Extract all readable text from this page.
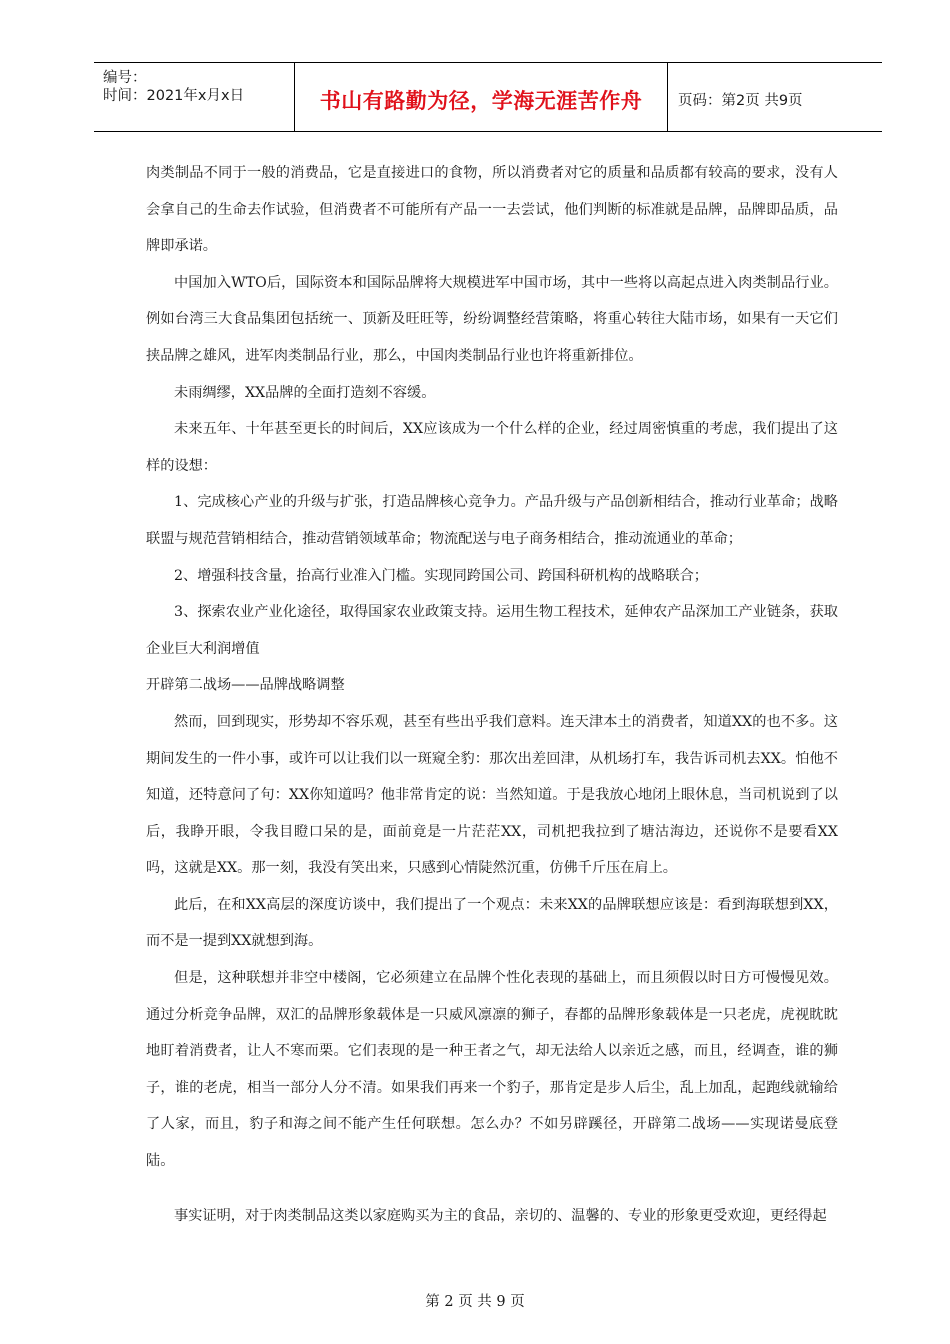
编号：
时间：2021年x月x日	书山有路勤为径，学海无涯苦作舟	页码：第2页 共9页

肉类制品不同于一般的消费品，它是直接进口的食物，所以消费者对它的质量和品质都有较高的要求，没有人会拿自己的生命去作试验，但消费者不可能所有产品一一去尝试，他们判断的标准就是品牌，品牌即品质，品牌即承诺。

中国加入WTO后，国际资本和国际品牌将大规模进军中国市场，其中一些将以高起点进入肉类制品行业。例如台湾三大食品集团包括统一、顶新及旺旺等，纷纷调整经营策略，将重心转往大陆市场，如果有一天它们挟品牌之雄风，进军肉类制品行业，那么，中国肉类制品行业也许将重新排位。

未雨绸缪，XX品牌的全面打造刻不容缓。

未来五年、十年甚至更长的时间后，XX应该成为一个什么样的企业，经过周密慎重的考虑，我们提出了这样的设想：

1、完成核心产业的升级与扩张，打造品牌核心竞争力。产品升级与产品创新相结合，推动行业革命；战略联盟与规范营销相结合，推动营销领域革命；物流配送与电子商务相结合，推动流通业的革命；

2、增强科技含量，抬高行业准入门槛。实现同跨国公司、跨国科研机构的战略联合；

3、探索农业产业化途径，取得国家农业政策支持。运用生物工程技术，延伸农产品深加工产业链条，获取企业巨大利润增值

开辟第二战场——品牌战略调整

然而，回到现实，形势却不容乐观，甚至有些出乎我们意料。连天津本土的消费者，知道XX的也不多。这期间发生的一件小事，或许可以让我们以一斑窥全豹：那次出差回津，从机场打车，我告诉司机去XX。怕他不知道，还特意问了句：XX你知道吗？他非常肯定的说：当然知道。于是我放心地闭上眼休息，当司机说到了以后，我睁开眼，令我目瞪口呆的是，面前竟是一片茫茫XX，司机把我拉到了塘沽海边，还说你不是要看XX吗，这就是XX。那一刻，我没有笑出来，只感到心情陡然沉重，仿佛千斤压在肩上。

此后，在和XX高层的深度访谈中，我们提出了一个观点：未来XX的品牌联想应该是：看到海联想到XX，而不是一提到XX就想到海。

但是，这种联想并非空中楼阁，它必须建立在品牌个性化表现的基础上，而且须假以时日方可慢慢见效。通过分析竞争品牌，双汇的品牌形象载体是一只威风凛凛的狮子，春都的品牌形象载体是一只老虎，虎视眈眈地盯着消费者，让人不寒而栗。它们表现的是一种王者之气，却无法给人以亲近之感，而且，经调查，谁的狮子，谁的老虎，相当一部分人分不清。如果我们再来一个豹子，那肯定是步人后尘，乱上加乱，起跑线就输给了人家，而且，豹子和海之间不能产生任何联想。怎么办？不如另辟蹊径，开辟第二战场——实现诺曼底登陆。

事实证明，对于肉类制品这类以家庭购买为主的食品，亲切的、温馨的、专业的形象更受欢迎，更经得起

第 2 页 共 9 页
